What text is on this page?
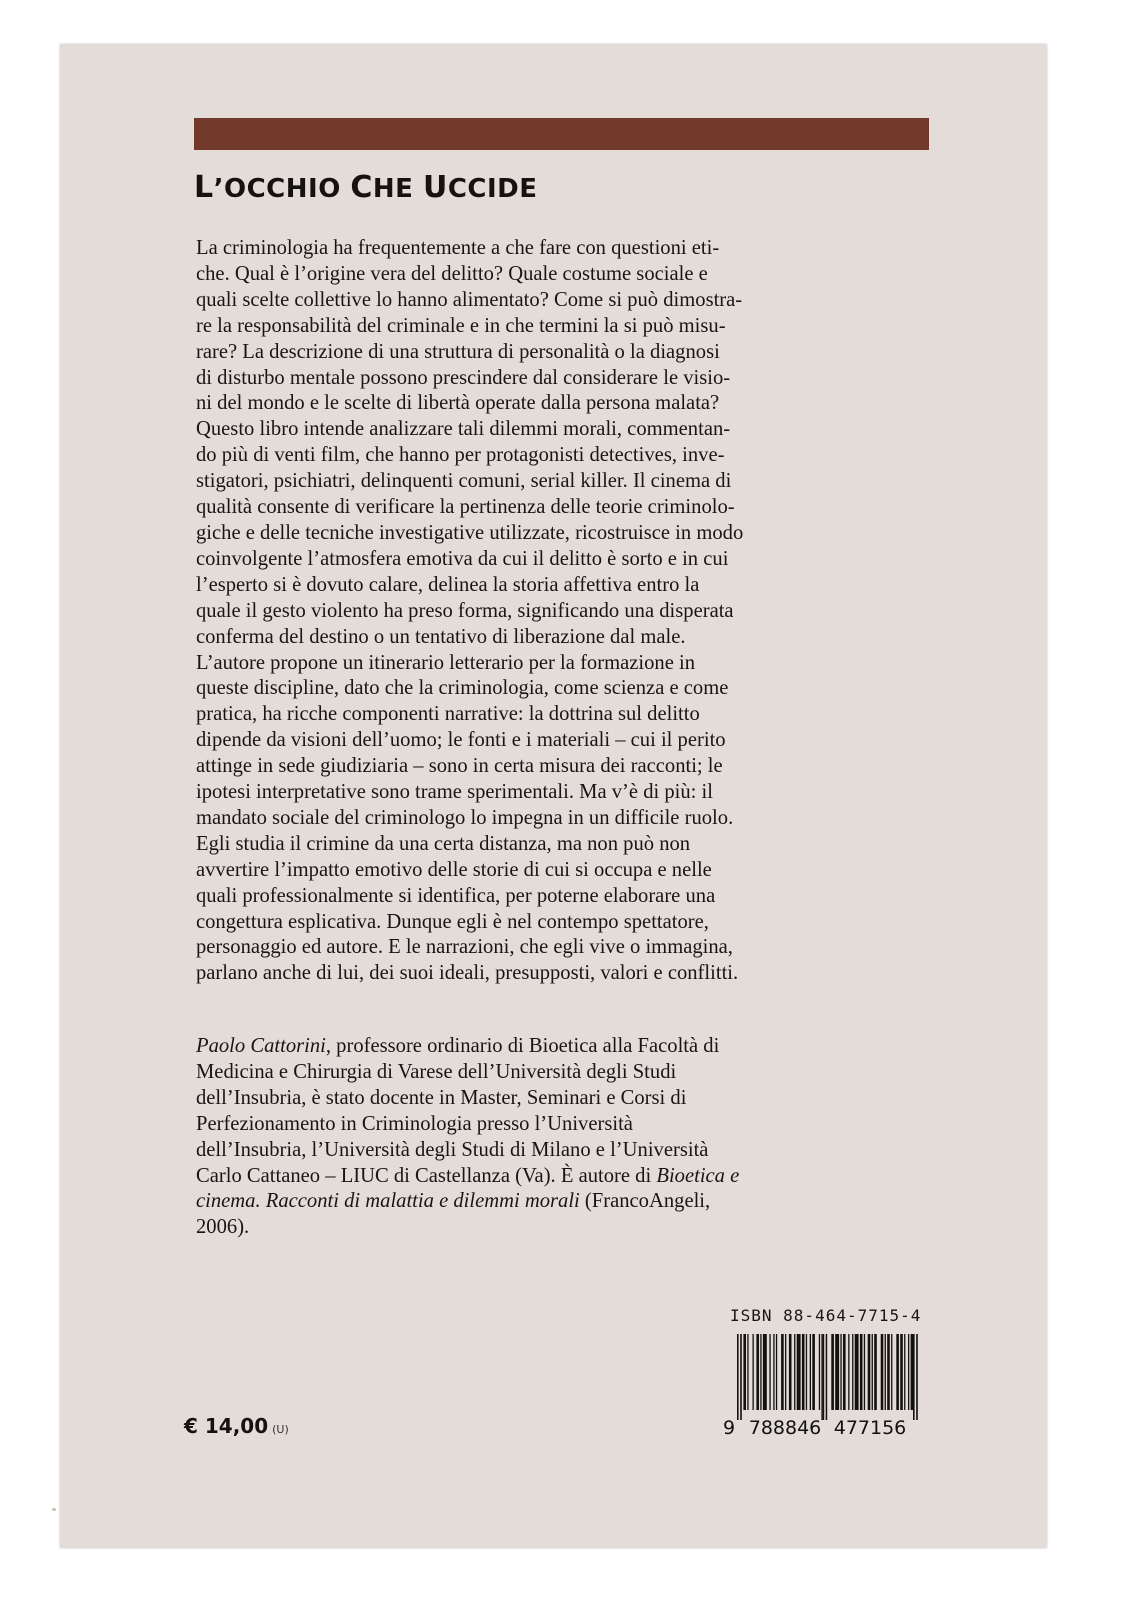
L’OCCHIO CHE UCCIDE
La criminologia ha frequentemente a che fare con questioni eti-
che. Qual è l’origine vera del delitto? Quale costume sociale e
quali scelte collettive lo hanno alimentato? Come si può dimostra-
re la responsabilità del criminale e in che termini la si può misu-
rare? La descrizione di una struttura di personalità o la diagnosi
di disturbo mentale possono prescindere dal considerare le visio-
ni del mondo e le scelte di libertà operate dalla persona malata?
Questo libro intende analizzare tali dilemmi morali, commentan-
do più di venti film, che hanno per protagonisti detectives, inve-
stigatori, psichiatri, delinquenti comuni, serial killer. Il cinema di
qualità consente di verificare la pertinenza delle teorie criminolo-
giche e delle tecniche investigative utilizzate, ricostruisce in modo
coinvolgente l’atmosfera emotiva da cui il delitto è sorto e in cui
l’esperto si è dovuto calare, delinea la storia affettiva entro la
quale il gesto violento ha preso forma, significando una disperata
conferma del destino o un tentativo di liberazione dal male.
L’autore propone un itinerario letterario per la formazione in
queste discipline, dato che la criminologia, come scienza e come
pratica, ha ricche componenti narrative: la dottrina sul delitto
dipende da visioni dell’uomo; le fonti e i materiali – cui il perito
attinge in sede giudiziaria – sono in certa misura dei racconti; le
ipotesi interpretative sono trame sperimentali. Ma v’è di più: il
mandato sociale del criminologo lo impegna in un difficile ruolo.
Egli studia il crimine da una certa distanza, ma non può non
avvertire l’impatto emotivo delle storie di cui si occupa e nelle
quali professionalmente si identifica, per poterne elaborare una
congettura esplicativa. Dunque egli è nel contempo spettatore,
personaggio ed autore. E le narrazioni, che egli vive o immagina,
parlano anche di lui, dei suoi ideali, presupposti, valori e conflitti.
Paolo Cattorini, professore ordinario di Bioetica alla Facoltà di
Medicina e Chirurgia di Varese dell’Università degli Studi
dell’Insubria, è stato docente in Master, Seminari e Corsi di
Perfezionamento in Criminologia presso l’Università
dell’Insubria, l’Università degli Studi di Milano e l’Università
Carlo Cattaneo – LIUC di Castellanza (Va). È autore di Bioetica e
cinema. Racconti di malattia e dilemmi morali (FrancoAngeli,
2006).
ISBN 88-464-7715-4
9 788846 477156
€ 14,00 (U)
